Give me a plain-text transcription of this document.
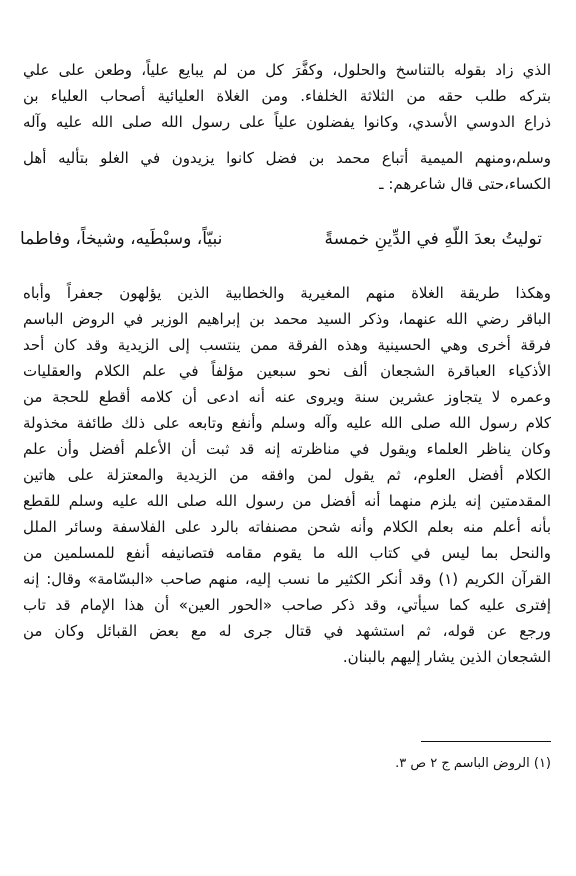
الذي زاد بقوله بالتناسخ والحلول، وكفَّرَ كل من لم يبايع علياً، وطعن على علي
بتركه طلب حقه من الثلاثة الخلفاء. ومن الغلاة العليائية أصحاب العلياء بن
ذراع الدوسي الأسدي، وكانوا يفضلون علياً على رسول الله صلى الله عليه وآله
وسلم،ومنهم الميمية أتباع محمد بن فضل كانوا يزيدون في الغلو بتأليه أهل
الكساء،حتى قال شاعرهم: ـ
توليتُ بعدَ اللّهِ في الدِّينِ خمسةً
نبيّاً، وسبْطَيه، وشيخاً، وفاطما
وهكذا طريقة الغلاة منهم المغيرية والخطابية الذين يؤلهون جعفراً وأباه
الباقر رضي الله عنهما، وذكر السيد محمد بن إبراهيم الوزير في الروض الباسم
فرقة أخرى وهي الحسينية وهذه الفرقة ممن ينتسب إلى الزيدية وقد كان أحد
الأذكياء العباقرة الشجعان ألف نحو سبعين مؤلفاً في علم الكلام والعقليات
وعمره لا يتجاوز عشرين سنة ويروى عنه أنه ادعى أن كلامه أقطع للحجة من
كلام رسول الله صلى الله عليه وآله وسلم وأنفع وتابعه على ذلك طائفة مخذولة
وكان يناظر العلماء ويقول في مناظرته إنه قد ثبت أن الأعلم أفضل وأن علم
الكلام أفضل العلوم، ثم يقول لمن وافقه من الزيدية والمعتزلة على هاتين
المقدمتين إنه يلزم منهما أنه أفضل من رسول الله صلى الله عليه وسلم للقطع
بأنه أعلم منه بعلم الكلام وأنه شحن مصنفاته بالرد على الفلاسفة وسائر الملل
والنحل بما ليس في كتاب الله ما يقوم مقامه فتصانيفه أنفع للمسلمين من
القرآن الكريم (١) وقد أنكر الكثير ما نسب إليه، منهم صاحب «البسّامة» وقال: إنه
إفترى عليه كما سيأتي، وقد ذكر صاحب «الحور العين» أن هذا الإمام قد تاب
ورجع عن قوله، ثم استشهد في قتال جرى له مع بعض القبائل وكان من
الشجعان الذين يشار إليهم بالبنان.
(١) الروض الباسم ج ٢ ص ٣.
